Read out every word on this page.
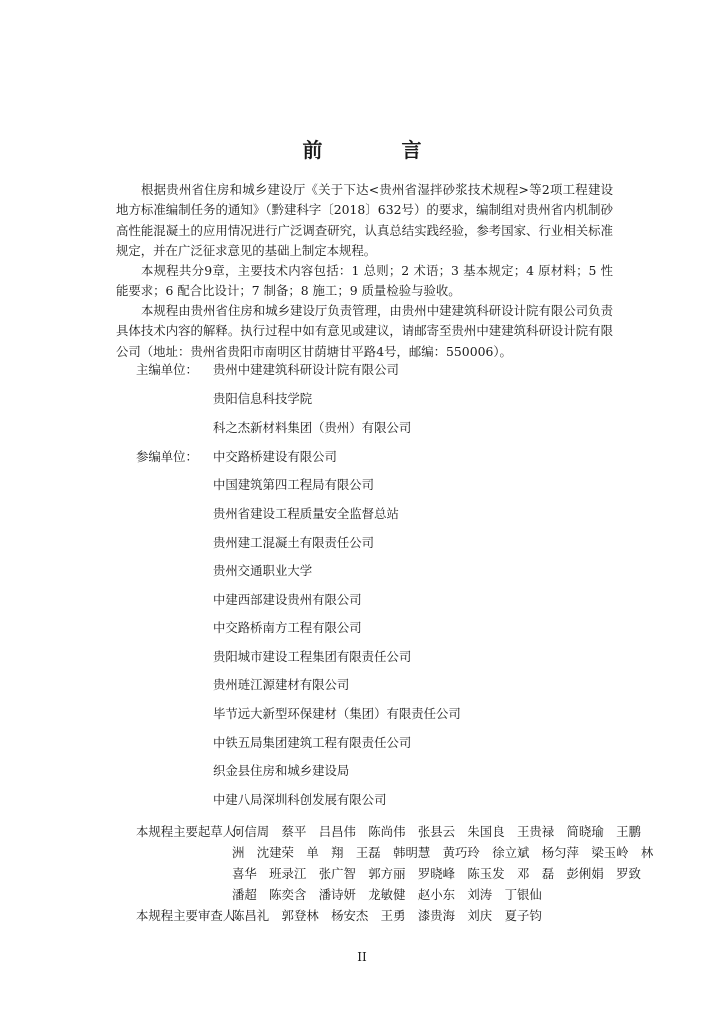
前 言

根据贵州省住房和城乡建设厅《关于下达<贵州省湿拌砂浆技术规程>等2项工程建设地方标准编制任务的通知》（黔建科字〔2018〕632号）的要求，编制组对贵州省内机制砂高性能混凝土的应用情况进行广泛调查研究，认真总结实践经验，参考国家、行业相关标准规定，并在广泛征求意见的基础上制定本规程。

本规程共分9章，主要技术内容包括：1 总则；2 术语；3 基本规定；4 原材料；5 性能要求；6 配合比设计；7 制备；8 施工；9 质量检验与验收。

本规程由贵州省住房和城乡建设厅负责管理，由贵州中建建筑科研设计院有限公司负责具体技术内容的解释。执行过程中如有意见或建议，请邮寄至贵州中建建筑科研设计院有限公司（地址：贵州省贵阳市南明区甘荫塘甘平路4号，邮编：550006）。

主编单位： 贵州中建建筑科研设计院有限公司
贵阳信息科技学院
科之杰新材料集团（贵州）有限公司
参编单位： 中交路桥建设有限公司
中国建筑第四工程局有限公司
贵州省建设工程质量安全监督总站
贵州建工混凝土有限责任公司
贵州交通职业大学
中建西部建设贵州有限公司
中交路桥南方工程有限公司
贵阳城市建设工程集团有限责任公司
贵州琏江源建材有限公司
毕节远大新型环保建材（集团）有限责任公司
中铁五局集团建筑工程有限责任公司
织金县住房和城乡建设局
中建八局深圳科创发展有限公司
本规程主要起草人：
何信周　蔡平　吕昌伟　陈尚伟　张县云　朱国良　王贵禄　简晓瑜　王鹏
洲　沈建荣　单　翔　王磊　韩明慧　黄巧玲　徐立斌　杨匀萍　梁玉岭　林
喜华　班录江　张广智　郭方丽　罗晓峰　陈玉发　邓　磊　彭俐娟　罗致
潘超　陈奕含　潘诗妍　龙敏健　赵小东　刘涛　丁银仙
本规程主要审查人：
陈昌礼　郭登林　杨安杰　王勇　漆贵海　刘庆　夏子钧
II
